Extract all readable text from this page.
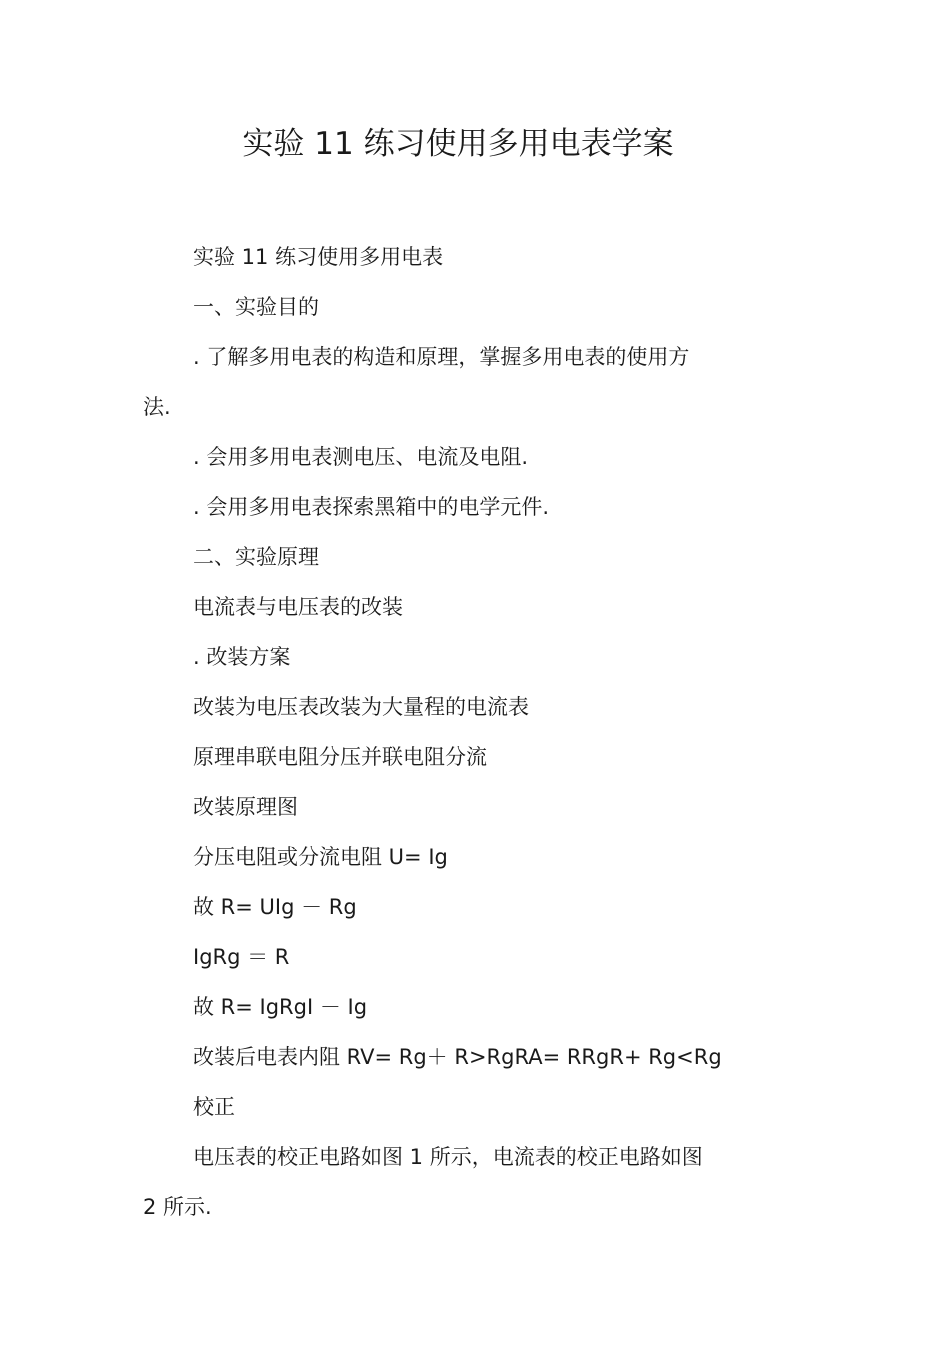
实验 11 练习使用多用电表学案
实验 11 练习使用多用电表
一、实验目的
. 了解多用电表的构造和原理，掌握多用电表的使用方
法.
. 会用多用电表测电压、电流及电阻.
. 会用多用电表探索黑箱中的电学元件.
二、实验原理
电流表与电压表的改装
. 改装方案
改装为电压表改装为大量程的电流表
原理串联电阻分压并联电阻分流
改装原理图
分压电阻或分流电阻 U= Ig
故 R= UIg － Rg
IgRg ＝ R
故 R= IgRgI － Ig
改装后电表内阻 RV= Rg＋ R>RgRA= RRgR+ Rg<Rg
校正
电压表的校正电路如图 1 所示，电流表的校正电路如图
2 所示.
